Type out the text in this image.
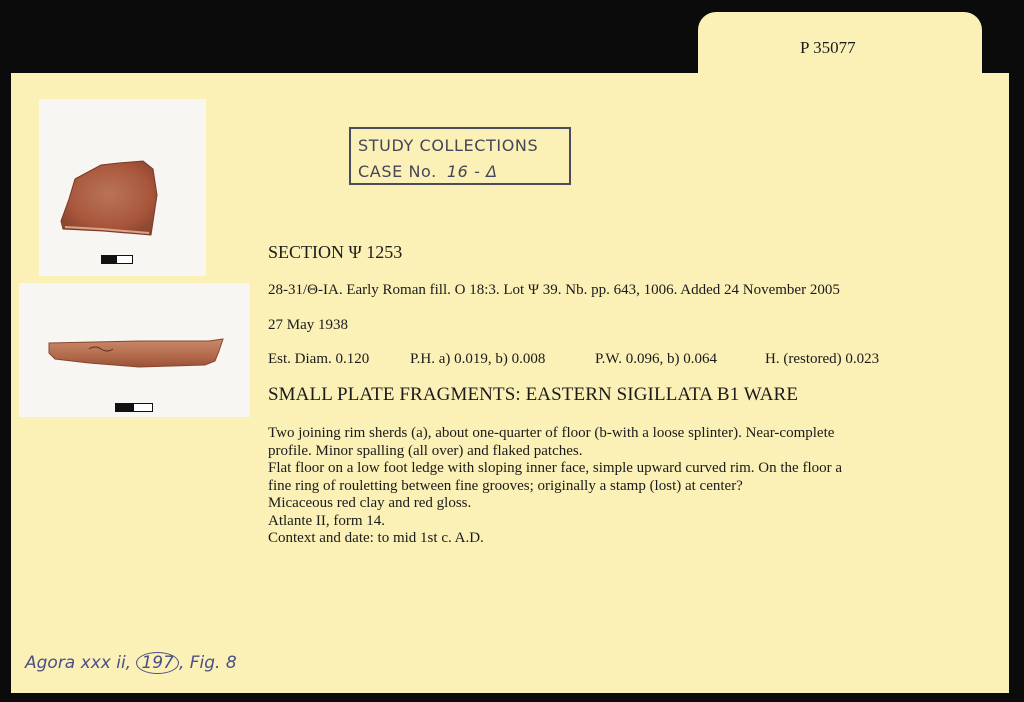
P 35077
STUDY COLLECTIONS
CASE No. 16 - Δ
SECTION Ψ 1253
28-31/Θ-ΙΑ. Early Roman fill. O 18:3. Lot Ψ 39. Nb. pp. 643, 1006. Added 24 November 2005
27 May 1938
Est. Diam. 0.120	P.H. a) 0.019, b) 0.008	P.W. 0.096, b) 0.064	H. (restored) 0.023
SMALL PLATE FRAGMENTS: EASTERN SIGILLATA B1 WARE
Two joining rim sherds (a), about one-quarter of floor (b-with a loose splinter). Near-complete
profile. Minor spalling (all over) and flaked patches.
Flat floor on a low foot ledge with sloping inner face, simple upward curved rim. On the floor a
fine ring of rouletting between fine grooves; originally a stamp (lost) at center?
Micaceous red clay and red gloss.
Atlante II, form 14.
Context and date: to mid 1st c. A.D.
Agora xxx ii, 197 , Fig. 8
